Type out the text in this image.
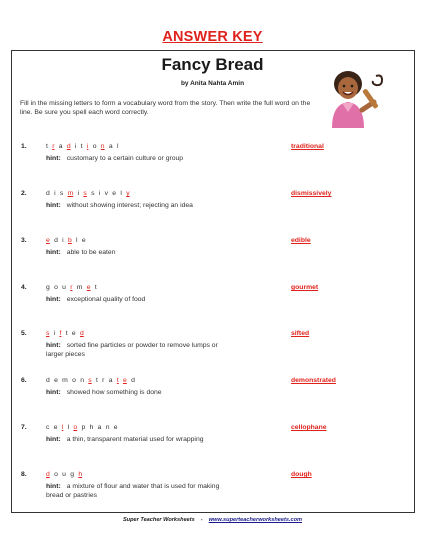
ANSWER KEY
Fancy Bread
by Anita Nahta Amin
Fill in the missing letters to form a vocabulary word from the story. Then write the full word on the line. Be sure you spell each word correctly.
1.	t r a d i t i o n a l
hint: customary to a certain culture or group
traditional
2.	d i s m i s s i v e l y
hint: without showing interest; rejecting an idea
dismissively
3.	e d i b l e
hint: able to be eaten
edible
4.	g o u r m e t
hint: exceptional quality of food
gourmet
5.	s i f t e d
hint: sorted fine particles or powder to remove lumps or larger pieces
sifted
6.	d e m o n s t r a t e d
hint: showed how something is done
demonstrated
7.	c e l l o p h a n e
hint: a thin, transparent material used for wrapping
cellophane
8.	d o u g h
hint: a mixture of flour and water that is used for making bread or pastries
dough
Super Teacher Worksheets - www.superteacherworksheets.com
